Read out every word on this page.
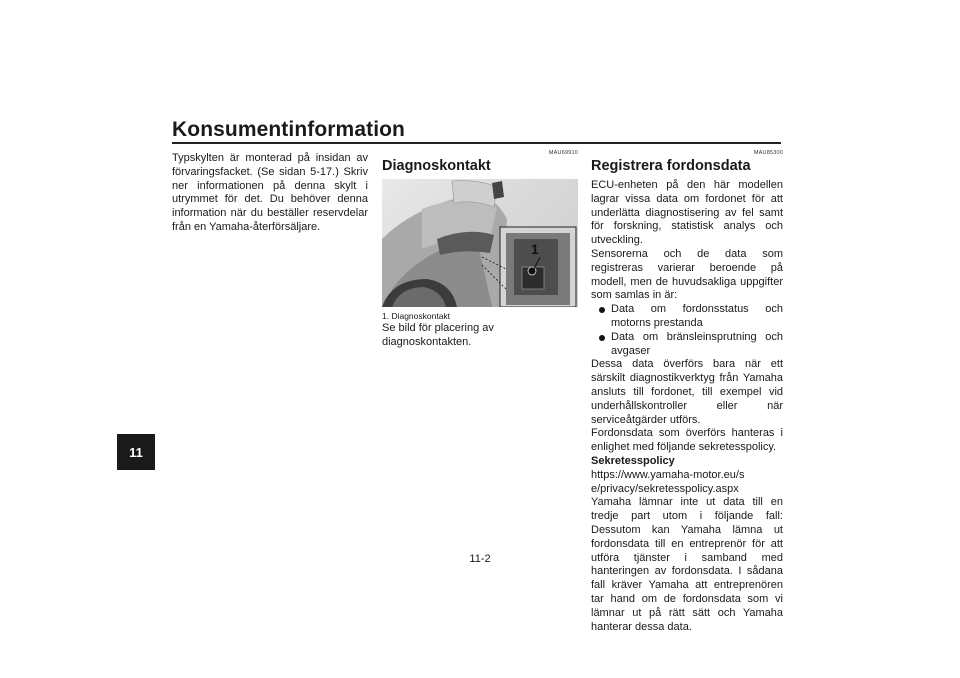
Konsumentinformation
11

Typskylten är monterad på insidan av förvaringsfacket. (Se sidan 5-17.) Skriv ner informationen på denna skylt i utrymmet för det. Du behöver denna information när du beställer reservdelar från en Yamaha-återförsäljare.

MAU69910
Diagnoskontakt
1
1. Diagnoskontakt

Se bild för placering av diagnoskontakten.

MAU85300
Registrera fordonsdata

ECU-enheten på den här modellen lagrar vissa data om fordonet för att underlätta diagnostisering av fel samt för forskning, statistisk analys och utveckling.

Sensorerna och de data som registreras varierar beroende på modell, men de huvudsakliga uppgifter som samlas in är:

Data om fordonsstatus och motorns prestanda
Data om bränsleinsprutning och avgaser

Dessa data överförs bara när ett särskilt diagnostikverktyg från Yamaha ansluts till fordonet, till exempel vid underhållskontroller eller när serviceåtgärder utförs.

Fordonsdata som överförs hanteras i enlighet med följande sekretesspolicy.

Sekretesspolicy

https://www.yamaha-motor.eu/se/privacy/sekretesspolicy.aspx

Yamaha lämnar inte ut data till en tredje part utom i följande fall: Dessutom kan Yamaha lämna ut fordonsdata till en entreprenör för att utföra tjänster i samband med hanteringen av fordonsdata. I sådana fall kräver Yamaha att entreprenören tar hand om de fordonsdata som vi lämnar ut på rätt sätt och Yamaha hanterar dessa data.

11-2
